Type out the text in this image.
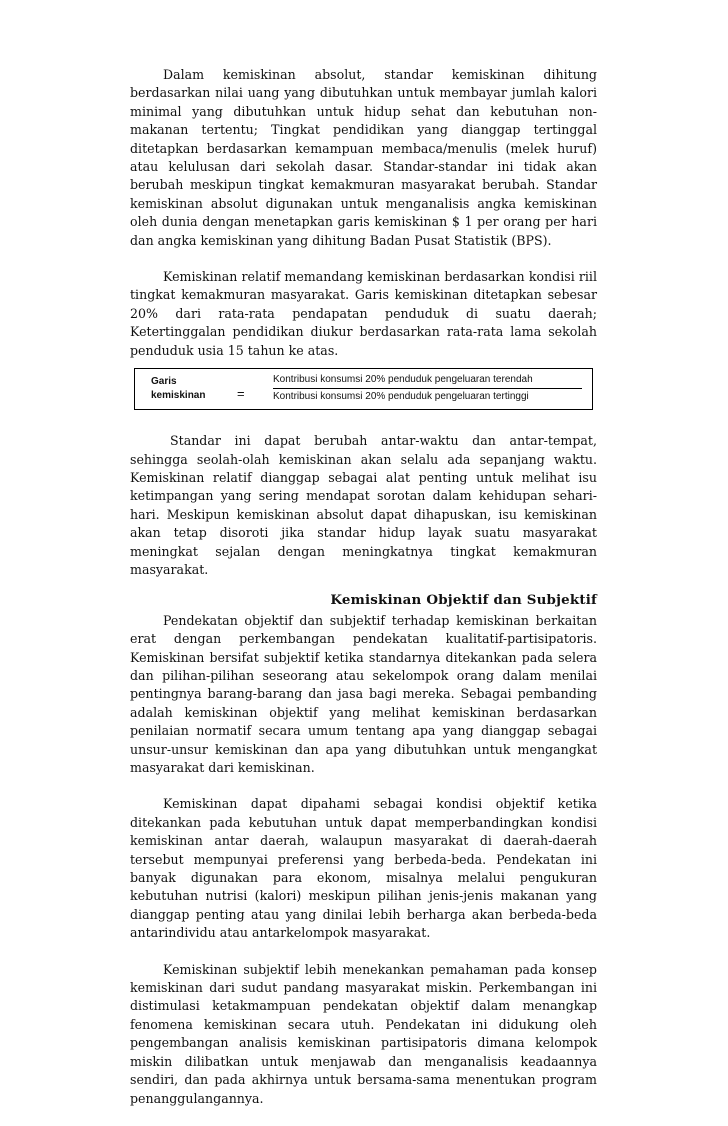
Dalam kemiskinan absolut, standar kemiskinan dihitung berdasarkan nilai uang yang dibutuhkan untuk membayar jumlah kalori minimal yang dibutuhkan untuk hidup sehat dan kebutuhan non-makanan tertentu; Tingkat pendidikan yang dianggap tertinggal ditetapkan berdasarkan kemampuan membaca/menulis (melek huruf) atau kelulusan dari sekolah dasar. Standar-standar ini tidak akan berubah meskipun tingkat kemakmuran masyarakat berubah. Standar kemiskinan absolut digunakan untuk menganalisis angka kemiskinan oleh dunia dengan menetapkan garis kemiskinan $ 1 per orang per hari dan angka kemiskinan yang dihitung Badan Pusat Statistik (BPS).

Kemiskinan relatif memandang kemiskinan berdasarkan kondisi riil tingkat kemakmuran masyarakat. Garis kemiskinan ditetapkan sebesar 20% dari rata-rata pendapatan penduduk di suatu daerah; Ketertinggalan pendidikan diukur berdasarkan rata-rata lama sekolah penduduk usia 15 tahun ke atas.

Garis
kemiskinan	=	$\frac{\text{Kontribusi konsumsi 20\% penduduk pengeluaran terendah}}{\text{Kontribusi konsumsi 20\% penduduk pengeluaran tertinggi}}$

Standar ini dapat berubah antar-waktu dan antar-tempat, sehingga seolah-olah kemiskinan akan selalu ada sepanjang waktu. Kemiskinan relatif dianggap sebagai alat penting untuk melihat isu ketimpangan yang sering mendapat sorotan dalam kehidupan sehari-hari. Meskipun kemiskinan absolut dapat dihapuskan, isu kemiskinan akan tetap disoroti jika standar hidup layak suatu masyarakat meningkat sejalan dengan meningkatnya tingkat kemakmuran masyarakat.

Kemiskinan Objektif dan Subjektif

Pendekatan objektif dan subjektif terhadap kemiskinan berkaitan erat dengan perkembangan pendekatan kualitatif-partisipatoris. Kemiskinan bersifat subjektif ketika standarnya ditekankan pada selera dan pilihan-pilihan seseorang atau sekelompok orang dalam menilai pentingnya barang-barang dan jasa bagi mereka. Sebagai pembanding adalah kemiskinan objektif yang melihat kemiskinan berdasarkan penilaian normatif secara umum tentang apa yang dianggap sebagai unsur-unsur kemiskinan dan apa yang dibutuhkan untuk mengangkat masyarakat dari kemiskinan.

Kemiskinan dapat dipahami sebagai kondisi objektif ketika ditekankan pada kebutuhan untuk dapat memperbandingkan kondisi kemiskinan antar daerah, walaupun masyarakat di daerah-daerah tersebut mempunyai preferensi yang berbeda-beda. Pendekatan ini banyak digunakan para ekonom, misalnya melalui pengukuran kebutuhan nutrisi (kalori) meskipun pilihan jenis-jenis makanan yang dianggap penting atau yang dinilai lebih berharga akan berbeda-beda antarindividu atau antarkelompok masyarakat.

Kemiskinan subjektif lebih menekankan pemahaman pada konsep kemiskinan dari sudut pandang masyarakat miskin. Perkembangan ini distimulasi ketakmampuan pendekatan objektif dalam menangkap fenomena kemiskinan secara utuh. Pendekatan ini didukung oleh pengembangan analisis kemiskinan partisipatoris dimana kelompok miskin dilibatkan untuk menjawab dan menganalisis keadaannya sendiri, dan pada akhirnya untuk bersama-sama menentukan program penanggulangannya.
